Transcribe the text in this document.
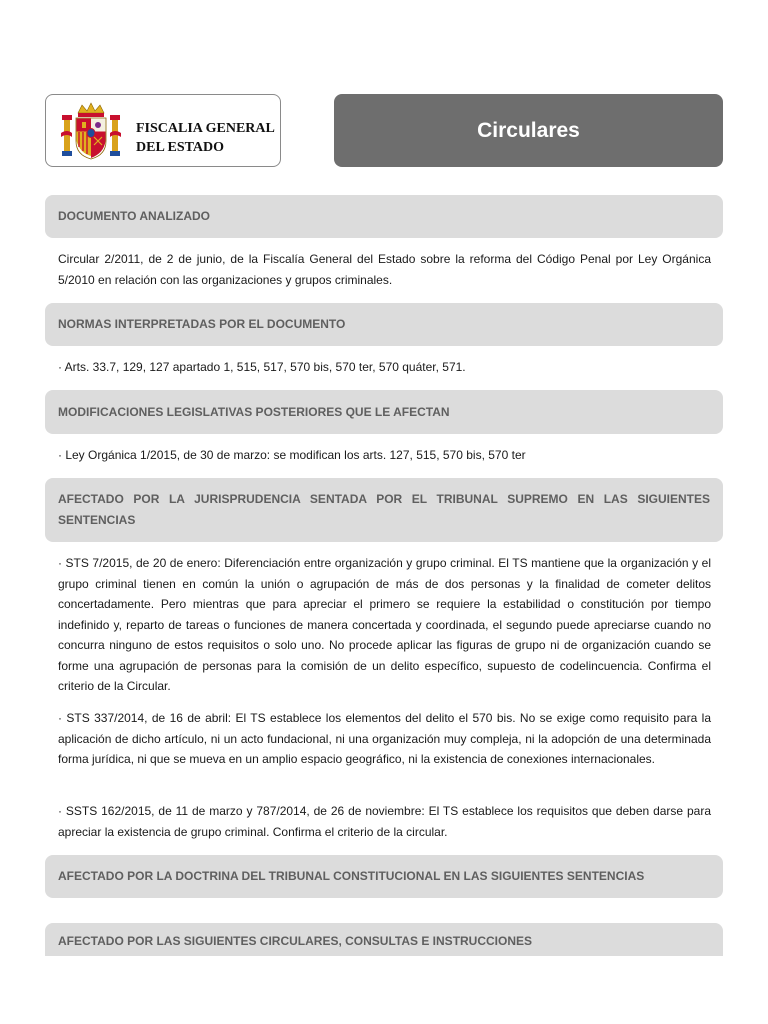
FISCALIA GENERAL
DEL ESTADO
Circulares
DOCUMENTO ANALIZADO

Circular 2/2011, de 2 de junio, de la Fiscalía General del Estado sobre la reforma del Código Penal por Ley Orgánica 5/2010 en relación con las organizaciones y grupos criminales.

NORMAS INTERPRETADAS POR EL DOCUMENTO

· Arts. 33.7, 129, 127 apartado 1, 515, 517, 570 bis, 570 ter, 570 quáter, 571.

MODIFICACIONES LEGISLATIVAS POSTERIORES QUE LE AFECTAN

· Ley Orgánica 1/2015, de 30 de marzo: se modifican los arts. 127, 515, 570 bis, 570 ter

AFECTADO POR LA JURISPRUDENCIA SENTADA POR EL TRIBUNAL SUPREMO EN LAS SIGUIENTES SENTENCIAS

· STS 7/2015, de 20 de enero: Diferenciación entre organización y grupo criminal. El TS mantiene que la organización y el grupo criminal tienen en común la unión o agrupación de más de dos personas y la finalidad de cometer delitos concertadamente. Pero mientras que para apreciar el primero se requiere la estabilidad o constitución por tiempo indefinido y, reparto de tareas o funciones de manera concertada y coordinada, el segundo puede apreciarse cuando no concurra ninguno de estos requisitos o solo uno. No procede aplicar las figuras de grupo ni de organización cuando se forme una agrupación de personas para la comisión de un delito específico, supuesto de codelincuencia. Confirma el criterio de la Circular.

· STS 337/2014, de 16 de abril: El TS establece los elementos del delito el 570 bis. No se exige como requisito para la aplicación de dicho artículo, ni un acto fundacional, ni una organización muy compleja, ni la adopción de una determinada forma jurídica, ni que se mueva en un amplio espacio geográfico, ni la existencia de conexiones internacionales.

· SSTS 162/2015, de 11 de marzo y 787/2014, de 26 de noviembre: El TS establece los requisitos que deben darse para apreciar la existencia de grupo criminal. Confirma el criterio de la circular.

AFECTADO POR LA DOCTRINA DEL TRIBUNAL CONSTITUCIONAL EN LAS SIGUIENTES SENTENCIAS
AFECTADO POR LAS SIGUIENTES CIRCULARES, CONSULTAS E INSTRUCCIONES
